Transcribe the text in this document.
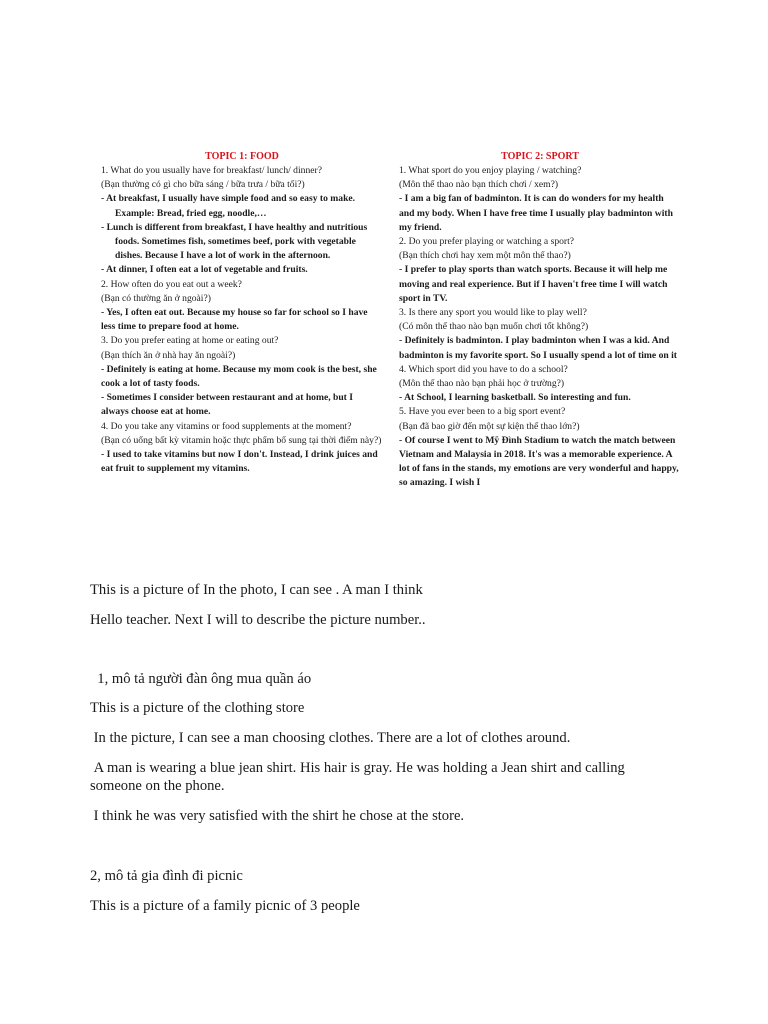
TOPIC 1: FOOD
1. What do you usually have for breakfast/ lunch/ dinner?
(Bạn thường có gì cho bữa sáng / bữa trưa / bữa tối?)
- At breakfast, I usually have simple food and so easy to make. Example: Bread, fried egg, noodle,…
- Lunch is different from breakfast, I have healthy and nutritious foods. Sometimes fish, sometimes beef, pork with vegetable dishes. Because I have a lot of work in the afternoon.
- At dinner, I often eat a lot of vegetable and fruits.
2. How often do you eat out a week?
(Bạn có thường ăn ở ngoài?)
- Yes, I often eat out. Because my house so far for school so I have less time to prepare food at home.
3. Do you prefer eating at home or eating out?
(Bạn thích ăn ở nhà hay ăn ngoài?)
- Definitely is eating at home. Because my mom cook is the best, she cook a lot of tasty foods.
- Sometimes I consider between restaurant and at home, but I always choose eat at home.
4. Do you take any vitamins or food supplements at the moment?
(Bạn có uống bất kỳ vitamin hoặc thực phẩm bổ sung tại thời điểm này?)
- I used to take vitamins but now I don't. Instead, I drink juices and eat fruit to supplement my vitamins.
TOPIC 2: SPORT
1. What sport do you enjoy playing / watching?
(Môn thể thao nào bạn thích chơi / xem?)
- I am a big fan of badminton. It is can do wonders for my health and my body. When I have free time I usually play badminton with my friend.
2. Do you prefer playing or watching a sport?
(Bạn thích chơi hay xem một môn thể thao?)
- I prefer to play sports than watch sports. Because it will help me moving and real experience. But if I haven't free time I will watch sport in TV.
3. Is there any sport you would like to play well?
(Có môn thể thao nào bạn muốn chơi tốt không?)
- Definitely is badminton. I play badminton when I was a kid. And badminton is my favorite sport. So I usually spend a lot of time on it
4. Which sport did you have to do a school?
(Môn thể thao nào bạn phải học ở trường?)
- At School, I learning basketball. So interesting and fun.
5. Have you ever been to a big sport event?
(Bạn đã bao giờ đến một sự kiện thể thao lớn?)
- Of course I went to Mỹ Đình Stadium to watch the match between Vietnam and Malaysia in 2018. It's was a memorable experience. A lot of fans in the stands, my emotions are very wonderful and happy, so amazing. I wish I

This is a picture of In the photo, I can see . A man I think

Hello teacher. Next I will to describe the picture number..

1, mô tả người đàn ông mua quần áo

This is a picture of the clothing store

In the picture, I can see a man choosing clothes. There are a lot of clothes around.

A man is wearing a blue jean shirt. His hair is gray. He was holding a Jean shirt and calling someone on the phone.

I think he was very satisfied with the shirt he chose at the store.

2, mô tả gia đình đi picnic

This is a picture of a family picnic of 3 people
